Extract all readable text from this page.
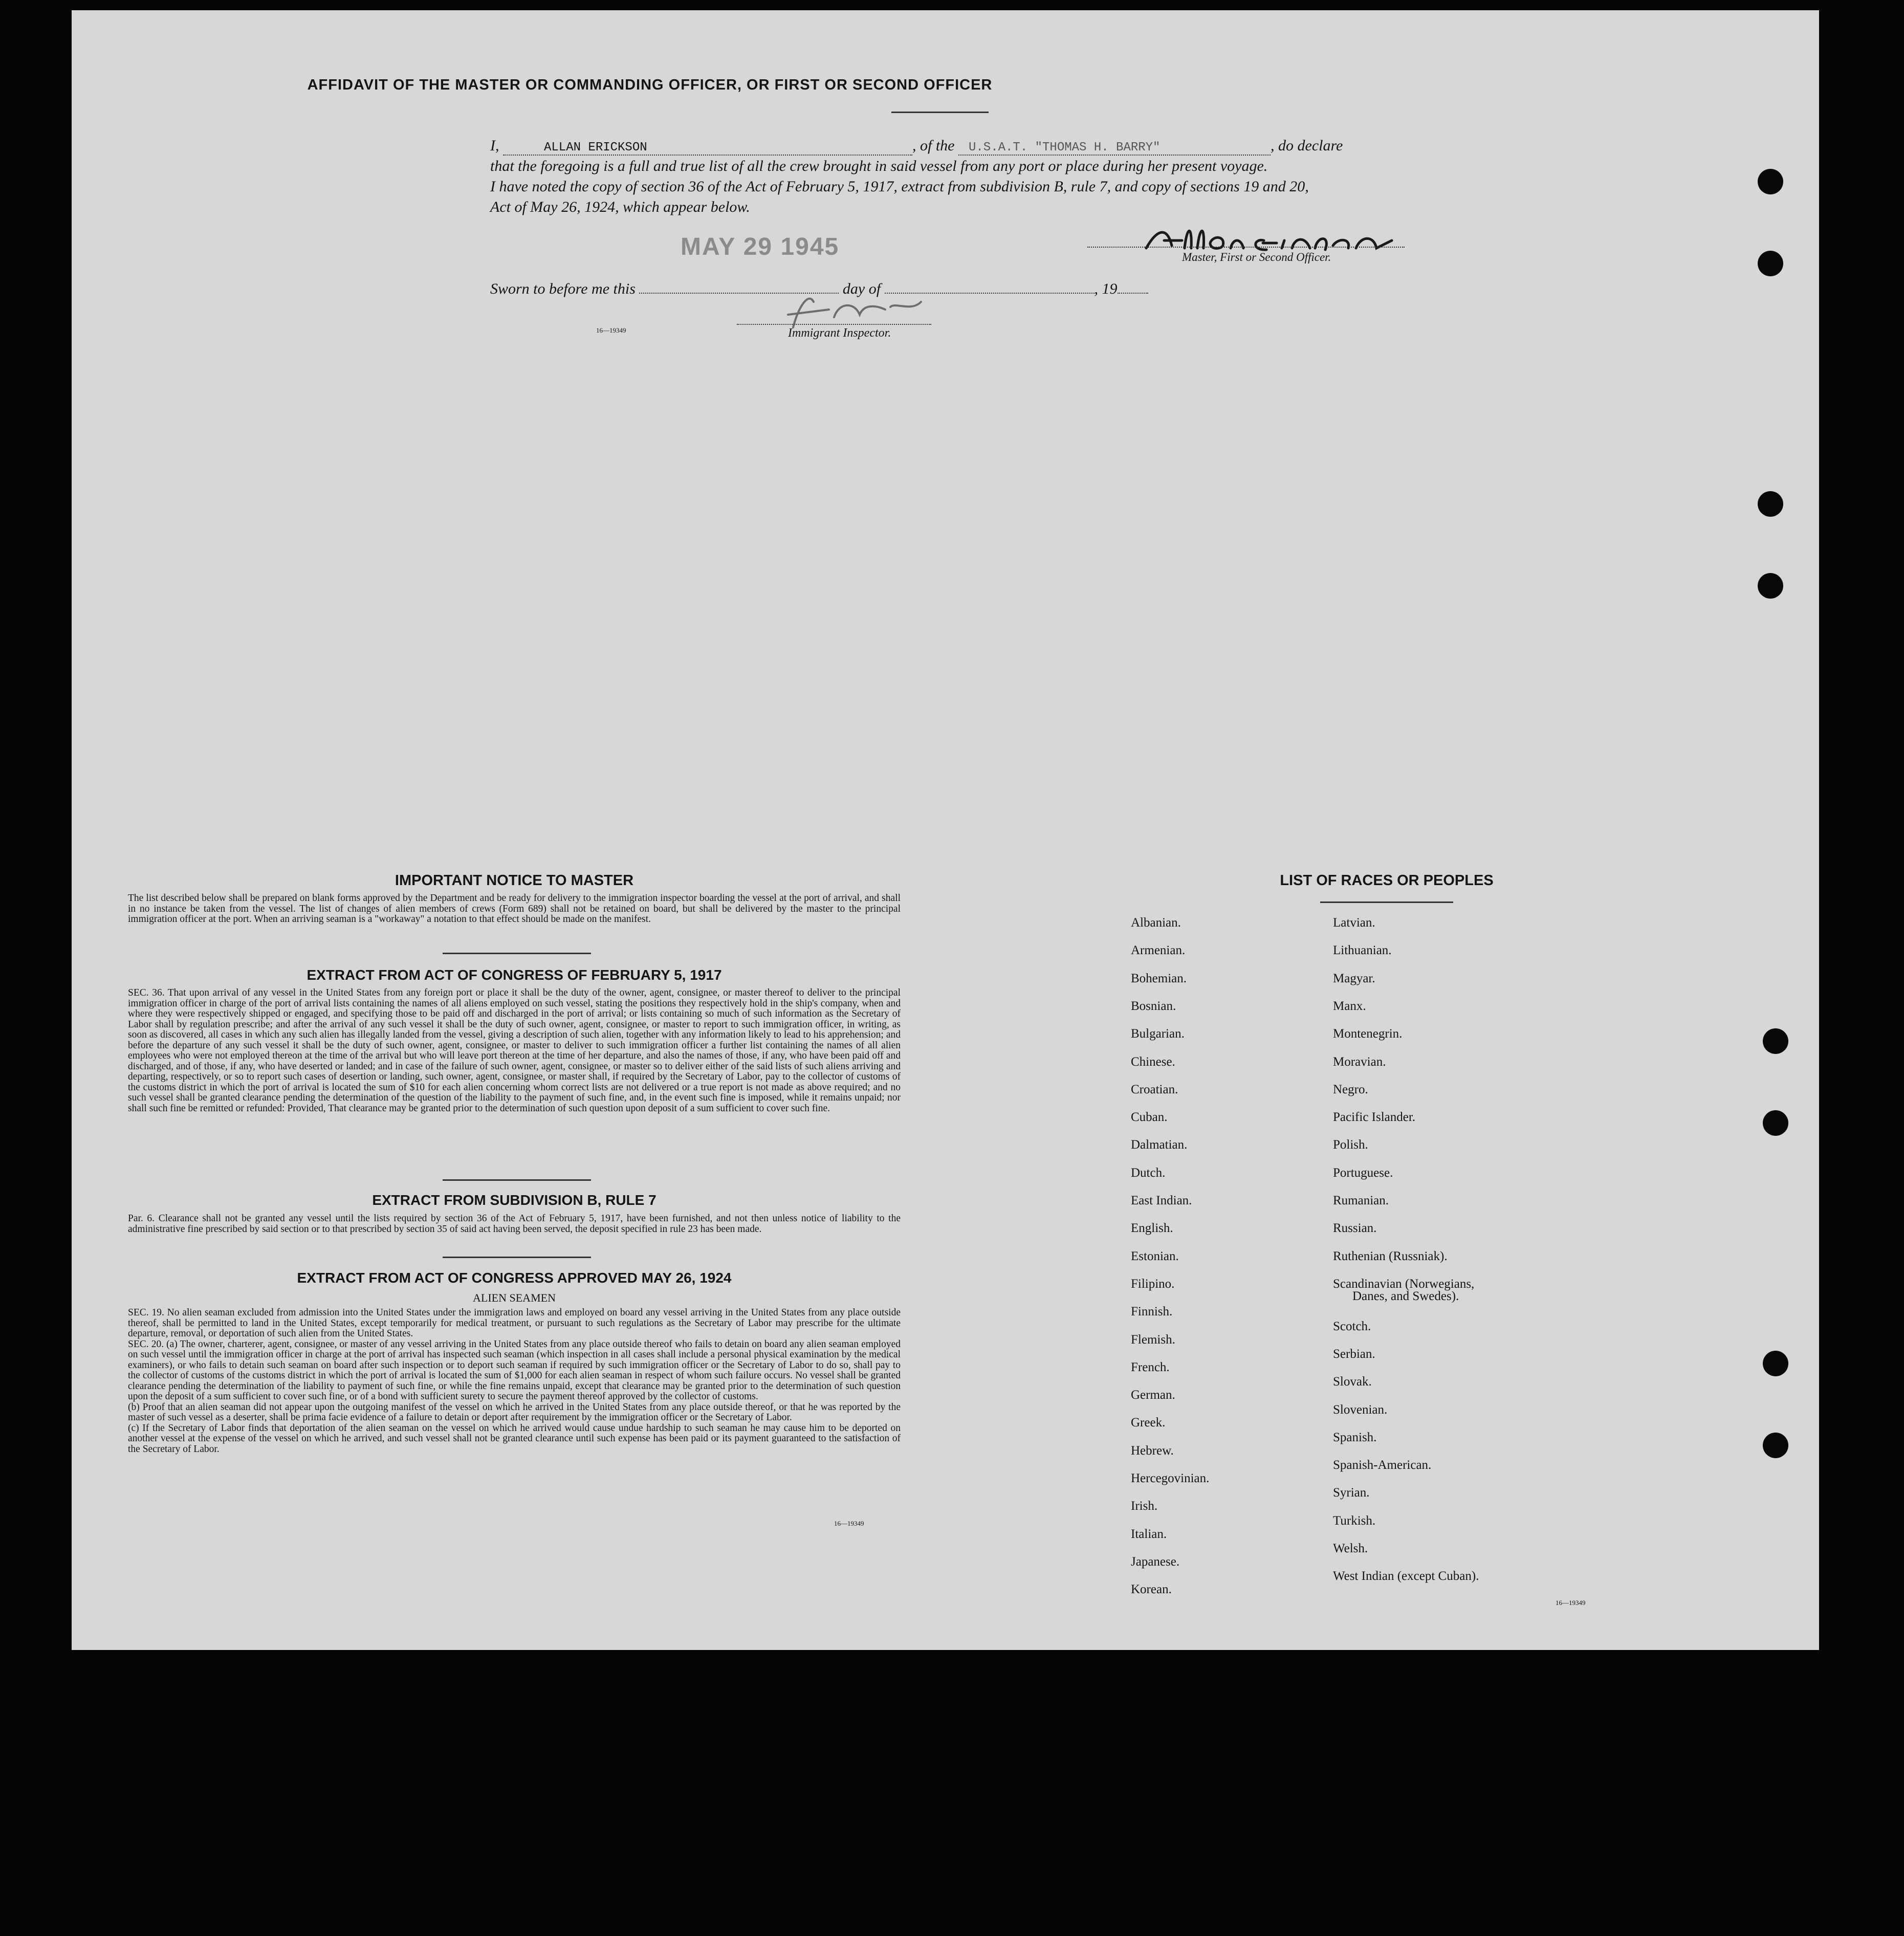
AFFIDAVIT OF THE MASTER OR COMMANDING OFFICER, OR FIRST OR SECOND OFFICER
I,	ALLAN ERICKSON	, of the U.S.A.T. "THOMAS H. BARRY"	, do declare
that the foregoing is a full and true list of all the crew brought in said vessel from any port or place during her present voyage.
I have noted the copy of section 36 of the Act of February 5, 1917, extract from subdivision B, rule 7, and copy of sections 19 and 20,
Act of May 26, 1924, which appear below.
MAY 29 1945	Master, First or Second Officer.
Sworn to before me this	day of	, 19
16—19349	Immigrant Inspector.
IMPORTANT NOTICE TO MASTER
The list described below shall be prepared on blank forms approved by the Department and be ready for delivery to the immigration inspector boarding the vessel at the port of arrival, and shall in no instance be taken from the vessel. The list of changes of alien members of crews (Form 689) shall not be retained on board, but shall be delivered by the master to the principal immigration officer at the port. When an arriving seaman is a "workaway" a notation to that effect should be made on the manifest.
EXTRACT FROM ACT OF CONGRESS OF FEBRUARY 5, 1917
SEC. 36. That upon arrival of any vessel in the United States from any foreign port or place it shall be the duty of the owner, agent, consignee, or master thereof to deliver to the principal immigration officer in charge of the port of arrival lists containing the names of all aliens employed on such vessel, stating the positions they respectively hold in the ship's company, when and where they were respectively shipped or engaged, and specifying those to be paid off and discharged in the port of arrival; or lists containing so much of such information as the Secretary of Labor shall by regulation prescribe; and after the arrival of any such vessel it shall be the duty of such owner, agent, consignee, or master to report to such immigration officer, in writing, as soon as discovered, all cases in which any such alien has illegally landed from the vessel, giving a description of such alien, together with any information likely to lead to his apprehension; and before the departure of any such vessel it shall be the duty of such owner, agent, consignee, or master to deliver to such immigration officer a further list containing the names of all alien employees who were not employed thereon at the time of the arrival but who will leave port thereon at the time of her departure, and also the names of those, if any, who have been paid off and discharged, and of those, if any, who have deserted or landed; and in case of the failure of such owner, agent, consignee, or master so to deliver either of the said lists of such aliens arriving and departing, respectively, or so to report such cases of desertion or landing, such owner, agent, consignee, or master shall, if required by the Secretary of Labor, pay to the collector of customs of the customs district in which the port of arrival is located the sum of $10 for each alien concerning whom correct lists are not delivered or a true report is not made as above required; and no such vessel shall be granted clearance pending the determination of the question of the liability to the payment of such fine, and, in the event such fine is imposed, while it remains unpaid; nor shall such fine be remitted or refunded: Provided, That clearance may be granted prior to the determination of such question upon deposit of a sum sufficient to cover such fine.
EXTRACT FROM SUBDIVISION B, RULE 7
Par. 6. Clearance shall not be granted any vessel until the lists required by section 36 of the Act of February 5, 1917, have been furnished, and not then unless notice of liability to the administrative fine prescribed by said section or to that prescribed by section 35 of said act having been served, the deposit specified in rule 23 has been made.
EXTRACT FROM ACT OF CONGRESS APPROVED MAY 26, 1924
ALIEN SEAMEN
SEC. 19. No alien seaman excluded from admission into the United States under the immigration laws and employed on board any vessel arriving in the United States from any place outside thereof, shall be permitted to land in the United States, except temporarily for medical treatment, or pursuant to such regulations as the Secretary of Labor may prescribe for the ultimate departure, removal, or deportation of such alien from the United States.
SEC. 20. (a) The owner, charterer, agent, consignee, or master of any vessel arriving in the United States from any place outside thereof who fails to detain on board any alien seaman employed on such vessel until the immigration officer in charge at the port of arrival has inspected such seaman (which inspection in all cases shall include a personal physical examination by the medical examiners), or who fails to detain such seaman on board after such inspection or to deport such seaman if required by such immigration officer or the Secretary of Labor to do so, shall pay to the collector of customs of the customs district in which the port of arrival is located the sum of $1,000 for each alien seaman in respect of whom such failure occurs. No vessel shall be granted clearance pending the determination of the liability to payment of such fine, or while the fine remains unpaid, except that clearance may be granted prior to the determination of such question upon the deposit of a sum sufficient to cover such fine, or of a bond with sufficient surety to secure the payment thereof approved by the collector of customs.
(b) Proof that an alien seaman did not appear upon the outgoing manifest of the vessel on which he arrived in the United States from any place outside thereof, or that he was reported by the master of such vessel as a deserter, shall be prima facie evidence of a failure to detain or deport after requirement by the immigration officer or the Secretary of Labor.
(c) If the Secretary of Labor finds that deportation of the alien seaman on the vessel on which he arrived would cause undue hardship to such seaman he may cause him to be deported on another vessel at the expense of the vessel on which he arrived, and such vessel shall not be granted clearance until such expense has been paid or its payment guaranteed to the satisfaction of the Secretary of Labor.
16—19349
LIST OF RACES OR PEOPLES
Albanian.
Armenian.
Bohemian.
Bosnian.
Bulgarian.
Chinese.
Croatian.
Cuban.
Dalmatian.
Dutch.
East Indian.
English.
Estonian.
Filipino.
Finnish.
Flemish.
French.
German.
Greek.
Hebrew.
Hercegovinian.
Irish.
Italian.
Japanese.
Korean.
Latvian.
Lithuanian.
Magyar.
Manx.
Montenegrin.
Moravian.
Negro.
Pacific Islander.
Polish.
Portuguese.
Rumanian.
Russian.
Ruthenian (Russniak).
Scandinavian (Norwegians,
Danes, and Swedes).
Scotch.
Serbian.
Slovak.
Slovenian.
Spanish.
Spanish-American.
Syrian.
Turkish.
Welsh.
West Indian (except Cuban).
16—19349
